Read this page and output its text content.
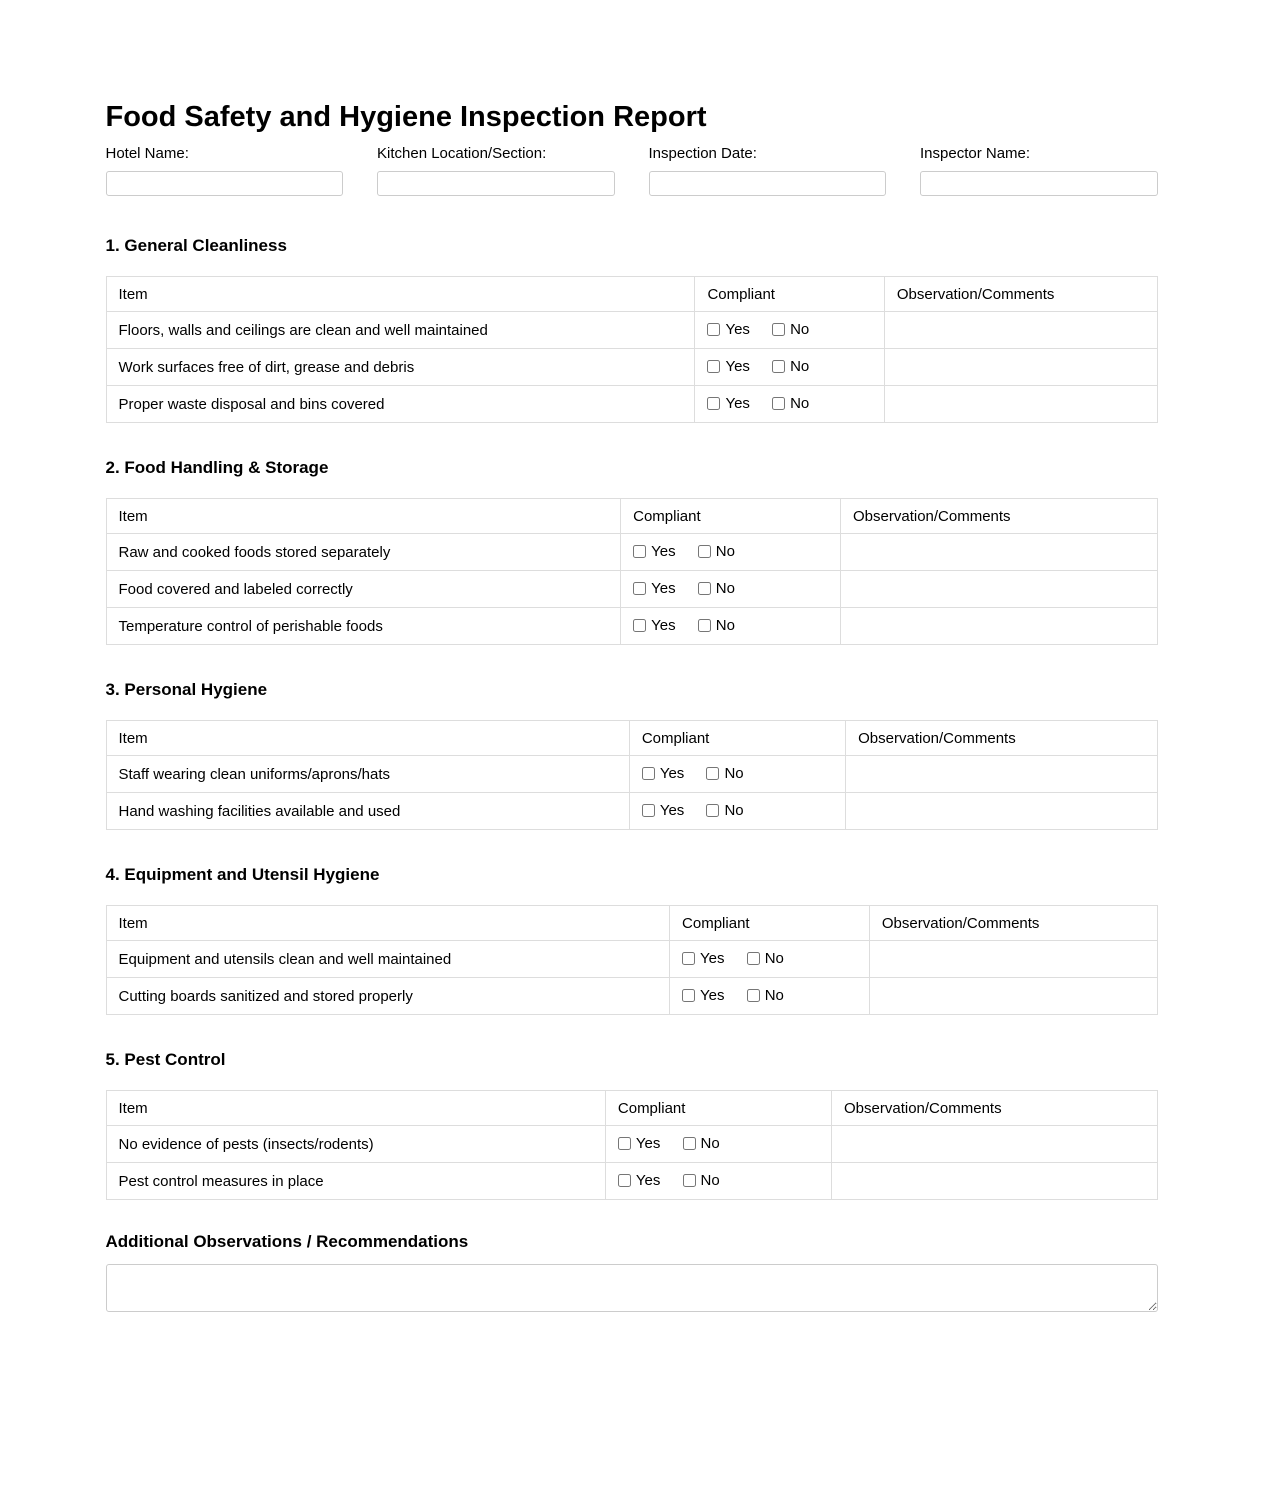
Food Safety and Hygiene Inspection Report
Hotel Name:	Kitchen Location/Section:	Inspection Date:	Inspector Name:
1. General Cleanliness
Item	Compliant	Observation/Comments
Floors, walls and ceilings are clean and well maintained	Yes
No	

Work surfaces free of dirt, grease and debris	Yes
No	

Proper waste disposal and bins covered	Yes
No	

2. Food Handling & Storage
Item	Compliant	Observation/Comments
Raw and cooked foods stored separately	Yes
No	

Food covered and labeled correctly	Yes
No	

Temperature control of perishable foods	Yes
No	

3. Personal Hygiene
Item	Compliant	Observation/Comments
Staff wearing clean uniforms/aprons/hats	Yes
No	

Hand washing facilities available and used	Yes
No	

4. Equipment and Utensil Hygiene
Item	Compliant	Observation/Comments
Equipment and utensils clean and well maintained	Yes
No	

Cutting boards sanitized and stored properly	Yes
No	

5. Pest Control
Item	Compliant	Observation/Comments
No evidence of pests (insects/rodents)	Yes
No	

Pest control measures in place	Yes
No	

Additional Observations / Recommendations
